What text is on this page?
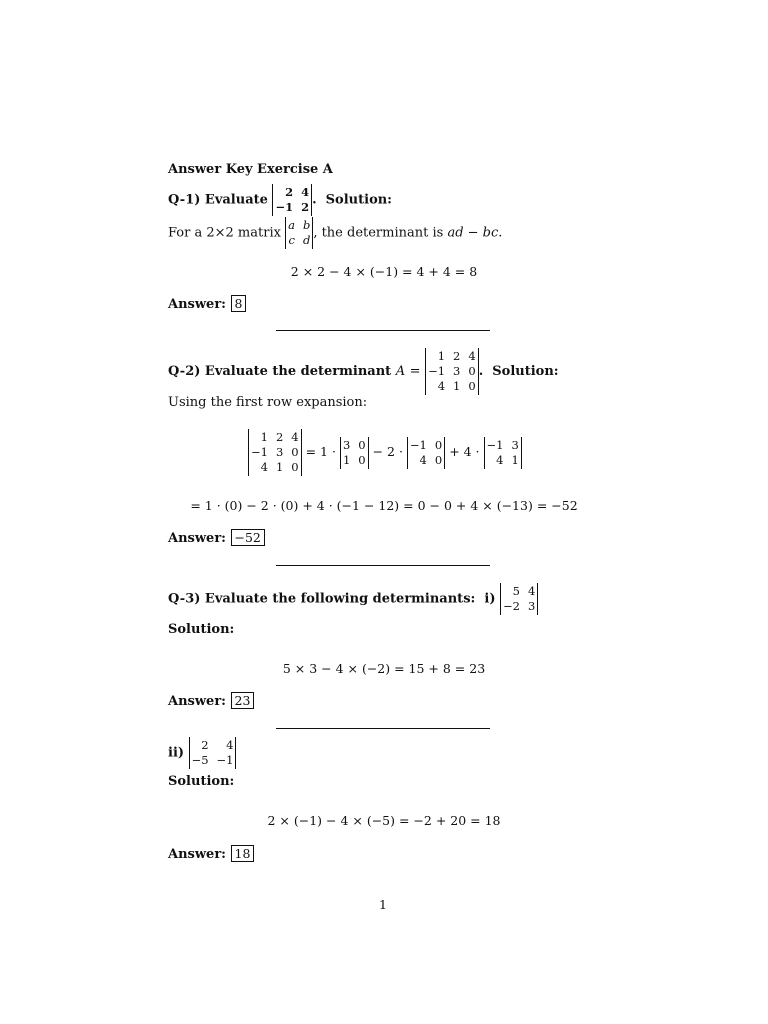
Answer Key Exercise A
Q-1) Evaluate
2 4
−1 2 .  Solution:
For a 2×2 matrix
a b
c d , the determinant is ad − bc.
2 × 2 − 4 × (−1) = 4 + 4 = 8
Answer: 8
Q-2) Evaluate the determinant A =
1 2 4
−1 3 0
4 1 0
.  Solution:
Using the first row expansion:
1 2 4
−1 3 0
4 1 0
= 1 · 3 0
1 0
− 2 · −1 0
4 0
+ 4 · −1 3
4 1
= 1 · (0) − 2 · (0) + 4 · (−1 − 12) = 0 − 0 + 4 × (−13) = −52
Answer: −52
Q-3) Evaluate the following determinants: i)
5 4
−2 3
Solution:
5 × 3 − 4 × (−2) = 15 + 8 = 23
Answer: 23
ii)
2	4
−5 −1
Solution:
2 × (−1) − 4 × (−5) = −2 + 20 = 18
Answer: 18
1
